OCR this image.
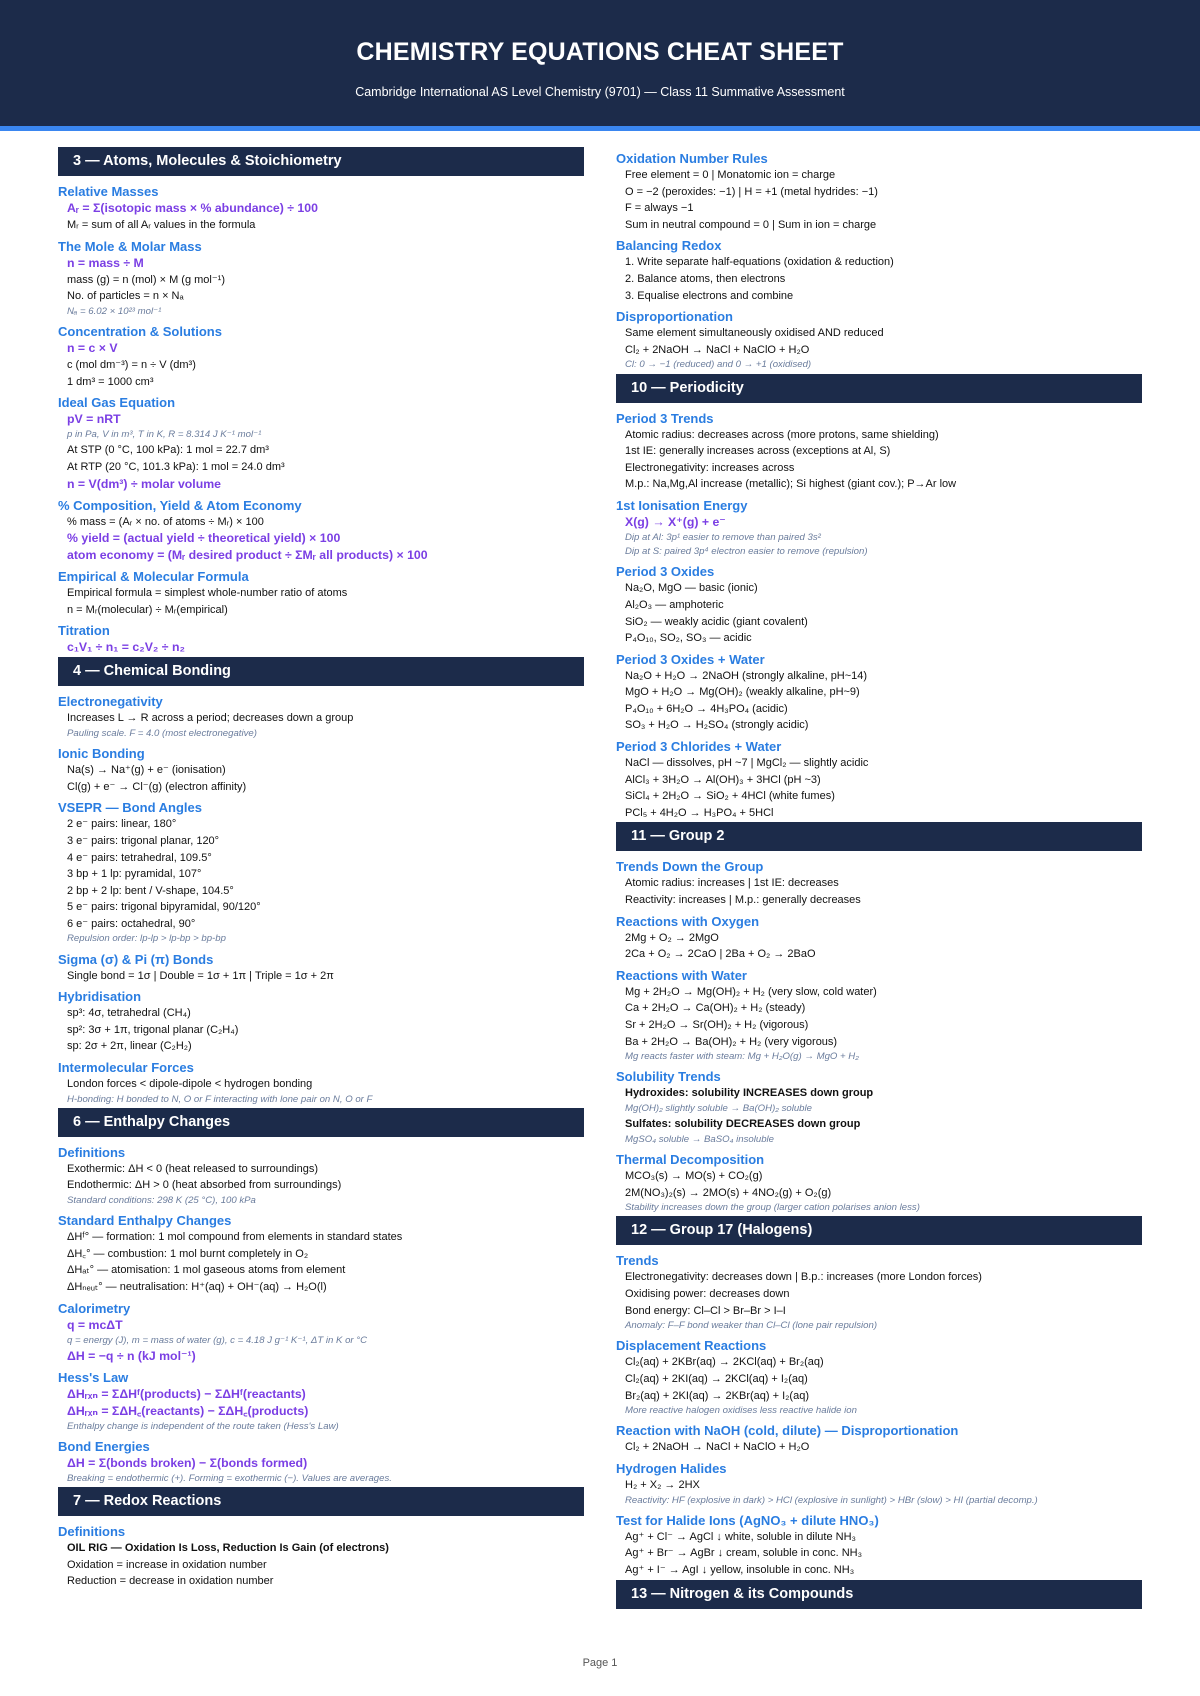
CHEMISTRY EQUATIONS CHEAT SHEET
Cambridge International AS Level Chemistry (9701) — Class 11 Summative Assessment
3 — Atoms, Molecules & Stoichiometry
Relative Masses
Aᵣ = Σ(isotopic mass × % abundance) ÷ 100
Mᵣ = sum of all Aᵣ values in the formula
The Mole & Molar Mass
n = mass ÷ M
mass (g) = n (mol) × M (g mol⁻¹)
No. of particles = n × Nₐ
Nₐ = 6.02 × 10²³ mol⁻¹
Concentration & Solutions
n = c × V
c (mol dm⁻³) = n ÷ V (dm³)
1 dm³ = 1000 cm³
Ideal Gas Equation
pV = nRT
p in Pa, V in m³, T in K, R = 8.314 J K⁻¹ mol⁻¹
At STP (0 °C, 100 kPa): 1 mol = 22.7 dm³
At RTP (20 °C, 101.3 kPa): 1 mol = 24.0 dm³
n = V(dm³) ÷ molar volume
% Composition, Yield & Atom Economy
% mass = (Aᵣ × no. of atoms ÷ Mᵣ) × 100
% yield = (actual yield ÷ theoretical yield) × 100
atom economy = (Mᵣ desired product ÷ ΣMᵣ all products) × 100
Empirical & Molecular Formula
Empirical formula = simplest whole-number ratio of atoms
n = Mᵣ(molecular) ÷ Mᵣ(empirical)
Titration
c₁V₁ ÷ n₁ = c₂V₂ ÷ n₂
4 — Chemical Bonding
Electronegativity
Increases L → R across a period; decreases down a group
Pauling scale. F = 4.0 (most electronegative)
Ionic Bonding
Na(s) → Na⁺(g) + e⁻ (ionisation)
Cl(g) + e⁻ → Cl⁻(g) (electron affinity)
VSEPR — Bond Angles
2 e⁻ pairs: linear, 180°
3 e⁻ pairs: trigonal planar, 120°
4 e⁻ pairs: tetrahedral, 109.5°
3 bp + 1 lp: pyramidal, 107°
2 bp + 2 lp: bent / V-shape, 104.5°
5 e⁻ pairs: trigonal bipyramidal, 90/120°
6 e⁻ pairs: octahedral, 90°
Repulsion order: lp-lp > lp-bp > bp-bp
Sigma (σ) & Pi (π) Bonds
Single bond = 1σ | Double = 1σ + 1π | Triple = 1σ + 2π
Hybridisation
sp³: 4σ, tetrahedral (CH₄)
sp²: 3σ + 1π, trigonal planar (C₂H₄)
sp: 2σ + 2π, linear (C₂H₂)
Intermolecular Forces
London forces < dipole-dipole < hydrogen bonding
H-bonding: H bonded to N, O or F interacting with lone pair on N, O or F
6 — Enthalpy Changes
Definitions
Exothermic: ΔH < 0 (heat released to surroundings)
Endothermic: ΔH > 0 (heat absorbed from surroundings)
Standard conditions: 298 K (25 °C), 100 kPa
Standard Enthalpy Changes
ΔHᶠ° — formation: 1 mol compound from elements in standard states
ΔH꜀° — combustion: 1 mol burnt completely in O₂
ΔHₐₜ° — atomisation: 1 mol gaseous atoms from element
ΔHₙₑᵤₜ° — neutralisation: H⁺(aq) + OH⁻(aq) → H₂O(l)
Calorimetry
q = mcΔT
q = energy (J), m = mass of water (g), c = 4.18 J g⁻¹ K⁻¹, ΔT in K or °C
ΔH = −q ÷ n (kJ mol⁻¹)
Hess's Law
ΔHᵣₓₙ = ΣΔHᶠ(products) − ΣΔHᶠ(reactants)
ΔHᵣₓₙ = ΣΔH꜀(reactants) − ΣΔH꜀(products)
Enthalpy change is independent of the route taken (Hess's Law)
Bond Energies
ΔH = Σ(bonds broken) − Σ(bonds formed)
Breaking = endothermic (+). Forming = exothermic (−). Values are averages.
7 — Redox Reactions
Definitions
OIL RIG — Oxidation Is Loss, Reduction Is Gain (of electrons)
Oxidation = increase in oxidation number
Reduction = decrease in oxidation number
Oxidation Number Rules
Free element = 0 | Monatomic ion = charge
O = −2 (peroxides: −1) | H = +1 (metal hydrides: −1)
F = always −1
Sum in neutral compound = 0 | Sum in ion = charge
Balancing Redox
1. Write separate half-equations (oxidation & reduction)
2. Balance atoms, then electrons
3. Equalise electrons and combine
Disproportionation
Same element simultaneously oxidised AND reduced
Cl₂ + 2NaOH → NaCl + NaClO + H₂O
Cl: 0 → −1 (reduced) and 0 → +1 (oxidised)
10 — Periodicity
Period 3 Trends
Atomic radius: decreases across (more protons, same shielding)
1st IE: generally increases across (exceptions at Al, S)
Electronegativity: increases across
M.p.: Na,Mg,Al increase (metallic); Si highest (giant cov.); P→Ar low
1st Ionisation Energy
X(g) → X⁺(g) + e⁻
Dip at Al: 3p¹ easier to remove than paired 3s²
Dip at S: paired 3p⁴ electron easier to remove (repulsion)
Period 3 Oxides
Na₂O, MgO — basic (ionic)
Al₂O₃ — amphoteric
SiO₂ — weakly acidic (giant covalent)
P₄O₁₀, SO₂, SO₃ — acidic
Period 3 Oxides + Water
Na₂O + H₂O → 2NaOH (strongly alkaline, pH~14)
MgO + H₂O → Mg(OH)₂ (weakly alkaline, pH~9)
P₄O₁₀ + 6H₂O → 4H₃PO₄ (acidic)
SO₃ + H₂O → H₂SO₄ (strongly acidic)
Period 3 Chlorides + Water
NaCl — dissolves, pH ~7 | MgCl₂ — slightly acidic
AlCl₃ + 3H₂O → Al(OH)₃ + 3HCl (pH ~3)
SiCl₄ + 2H₂O → SiO₂ + 4HCl (white fumes)
PCl₅ + 4H₂O → H₃PO₄ + 5HCl
11 — Group 2
Trends Down the Group
Atomic radius: increases | 1st IE: decreases
Reactivity: increases | M.p.: generally decreases
Reactions with Oxygen
2Mg + O₂ → 2MgO
2Ca + O₂ → 2CaO | 2Ba + O₂ → 2BaO
Reactions with Water
Mg + 2H₂O → Mg(OH)₂ + H₂ (very slow, cold water)
Ca + 2H₂O → Ca(OH)₂ + H₂ (steady)
Sr + 2H₂O → Sr(OH)₂ + H₂ (vigorous)
Ba + 2H₂O → Ba(OH)₂ + H₂ (very vigorous)
Mg reacts faster with steam: Mg + H₂O(g) → MgO + H₂
Solubility Trends
Hydroxides: solubility INCREASES down group
Mg(OH)₂ slightly soluble → Ba(OH)₂ soluble
Sulfates: solubility DECREASES down group
MgSO₄ soluble → BaSO₄ insoluble
Thermal Decomposition
MCO₃(s) → MO(s) + CO₂(g)
2M(NO₃)₂(s) → 2MO(s) + 4NO₂(g) + O₂(g)
Stability increases down the group (larger cation polarises anion less)
12 — Group 17 (Halogens)
Trends
Electronegativity: decreases down | B.p.: increases (more London forces)
Oxidising power: decreases down
Bond energy: Cl–Cl > Br–Br > I–I
Anomaly: F–F bond weaker than Cl–Cl (lone pair repulsion)
Displacement Reactions
Cl₂(aq) + 2KBr(aq) → 2KCl(aq) + Br₂(aq)
Cl₂(aq) + 2KI(aq) → 2KCl(aq) + I₂(aq)
Br₂(aq) + 2KI(aq) → 2KBr(aq) + I₂(aq)
More reactive halogen oxidises less reactive halide ion
Reaction with NaOH (cold, dilute) — Disproportionation
Cl₂ + 2NaOH → NaCl + NaClO + H₂O
Hydrogen Halides
H₂ + X₂ → 2HX
Reactivity: HF (explosive in dark) > HCl (explosive in sunlight) > HBr (slow) > HI (partial decomp.)
Test for Halide Ions (AgNO₃ + dilute HNO₃)
Ag⁺ + Cl⁻ → AgCl ↓ white, soluble in dilute NH₃
Ag⁺ + Br⁻ → AgBr ↓ cream, soluble in conc. NH₃
Ag⁺ + I⁻ → AgI ↓ yellow, insoluble in conc. NH₃
13 — Nitrogen & its Compounds
Page 1
